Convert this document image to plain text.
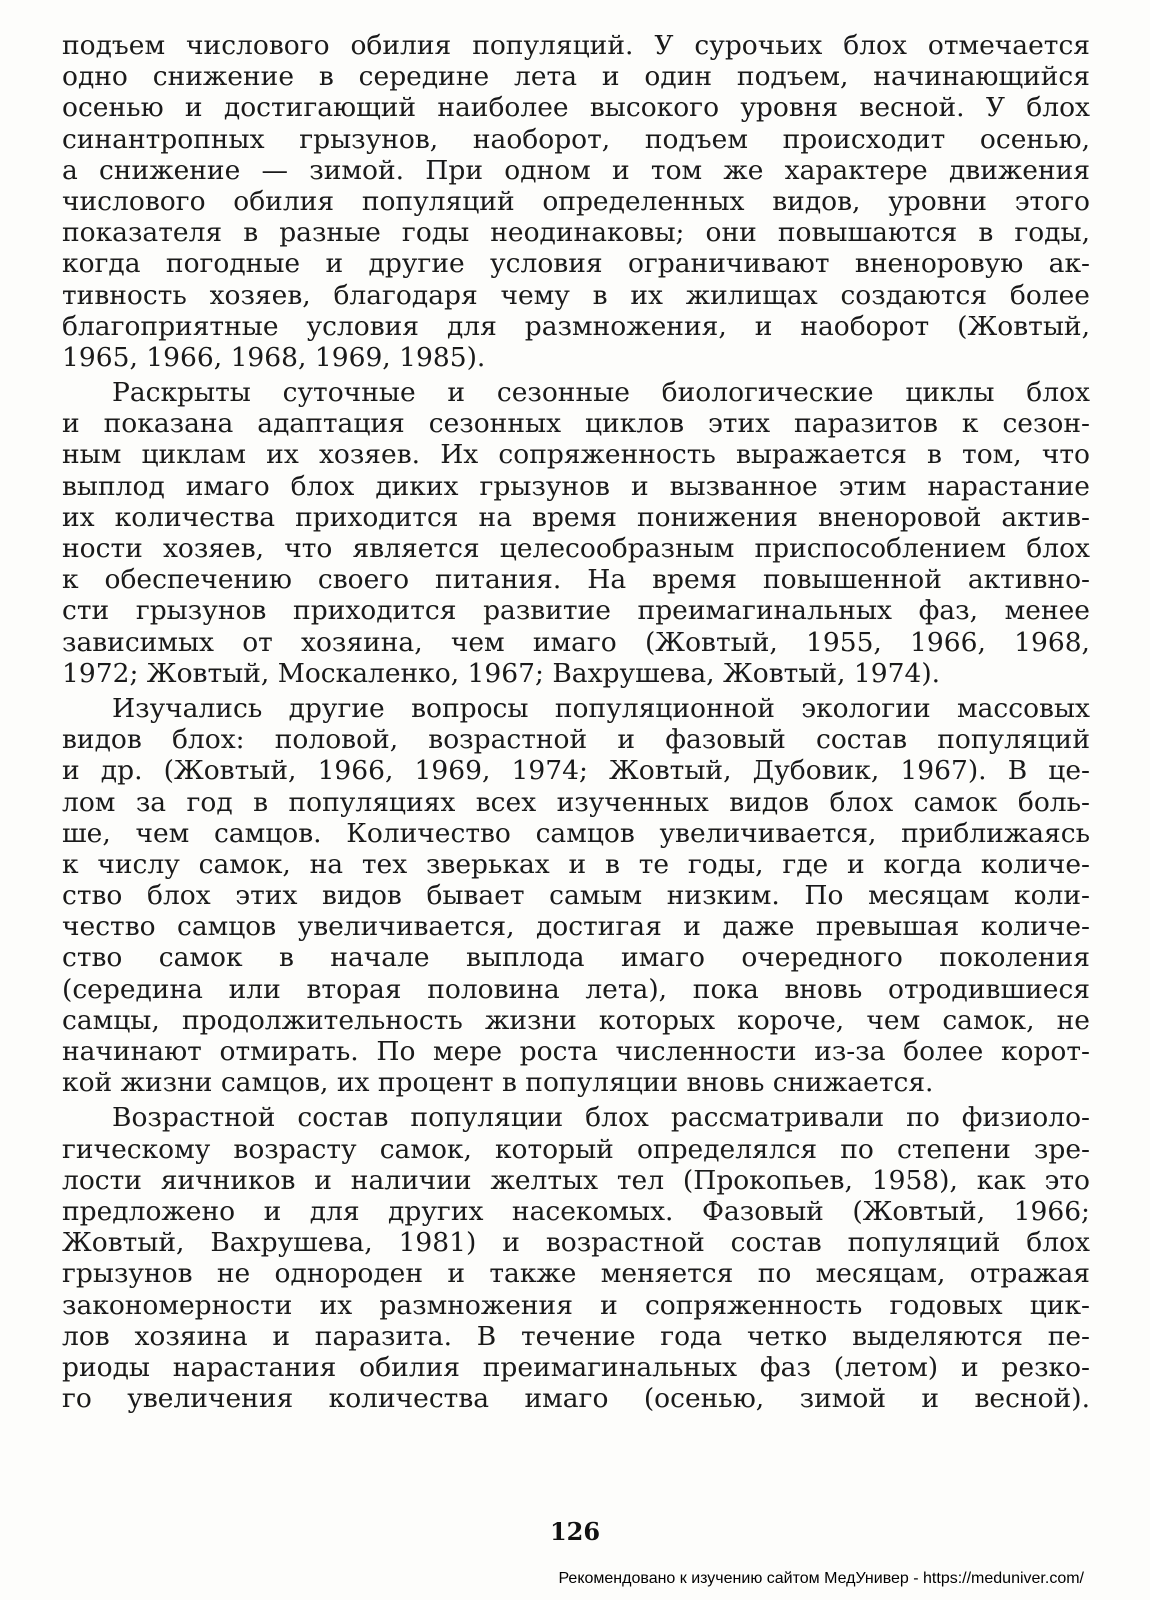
подъем числового обилия популяций. У сурочьих блох отмечается
одно снижение в середине лета и один подъем, начинающийся
осенью и достигающий наиболее высокого уровня весной. У блох
синантропных грызунов, наоборот, подъем происходит осенью,
а снижение — зимой. При одном и том же характере движения
числового обилия популяций определенных видов, уровни этого
показателя в разные годы неодинаковы; они повышаются в годы,
когда погодные и другие условия ограничивают вненоровую ак-
тивность хозяев, благодаря чему в их жилищах создаются более
благоприятные условия для размножения, и наоборот (Жовтый,
1965, 1966, 1968, 1969, 1985).
Раскрыты суточные и сезонные биологические циклы блох
и показана адаптация сезонных циклов этих паразитов к сезон-
ным циклам их хозяев. Их сопряженность выражается в том, что
выплод имаго блох диких грызунов и вызванное этим нарастание
их количества приходится на время понижения вненоровой актив-
ности хозяев, что является целесообразным приспособлением блох
к обеспечению своего питания. На время повышенной активно-
сти грызунов приходится развитие преимагинальных фаз, менее
зависимых от хозяина, чем имаго (Жовтый, 1955, 1966, 1968,
1972; Жовтый, Москаленко, 1967; Вахрушева, Жовтый, 1974).
Изучались другие вопросы популяционной экологии массовых
видов блох: половой, возрастной и фазовый состав популяций
и др. (Жовтый, 1966, 1969, 1974; Жовтый, Дубовик, 1967). В це-
лом за год в популяциях всех изученных видов блох самок боль-
ше, чем самцов. Количество самцов увеличивается, приближаясь
к числу самок, на тех зверьках и в те годы, где и когда количе-
ство блох этих видов бывает самым низким. По месяцам коли-
чество самцов увеличивается, достигая и даже превышая количе-
ство самок в начале выплода имаго очередного поколения
(середина или вторая половина лета), пока вновь отродившиеся
самцы, продолжительность жизни которых короче, чем самок, не
начинают отмирать. По мере роста численности из-за более корот-
кой жизни самцов, их процент в популяции вновь снижается.
Возрастной состав популяции блох рассматривали по физиоло-
гическому возрасту самок, который определялся по степени зре-
лости яичников и наличии желтых тел (Прокопьев, 1958), как это
предложено и для других насекомых. Фазовый (Жовтый, 1966;
Жовтый, Вахрушева, 1981) и возрастной состав популяций блох
грызунов не однороден и также меняется по месяцам, отражая
закономерности их размножения и сопряженность годовых цик-
лов хозяина и паразита. В течение года четко выделяются пе-
риоды нарастания обилия преимагинальных фаз (летом) и резко-
го увеличения количества имаго (осенью, зимой и весной).
126
Рекомендовано к изучению сайтом МедУнивер - https://meduniver.com/
